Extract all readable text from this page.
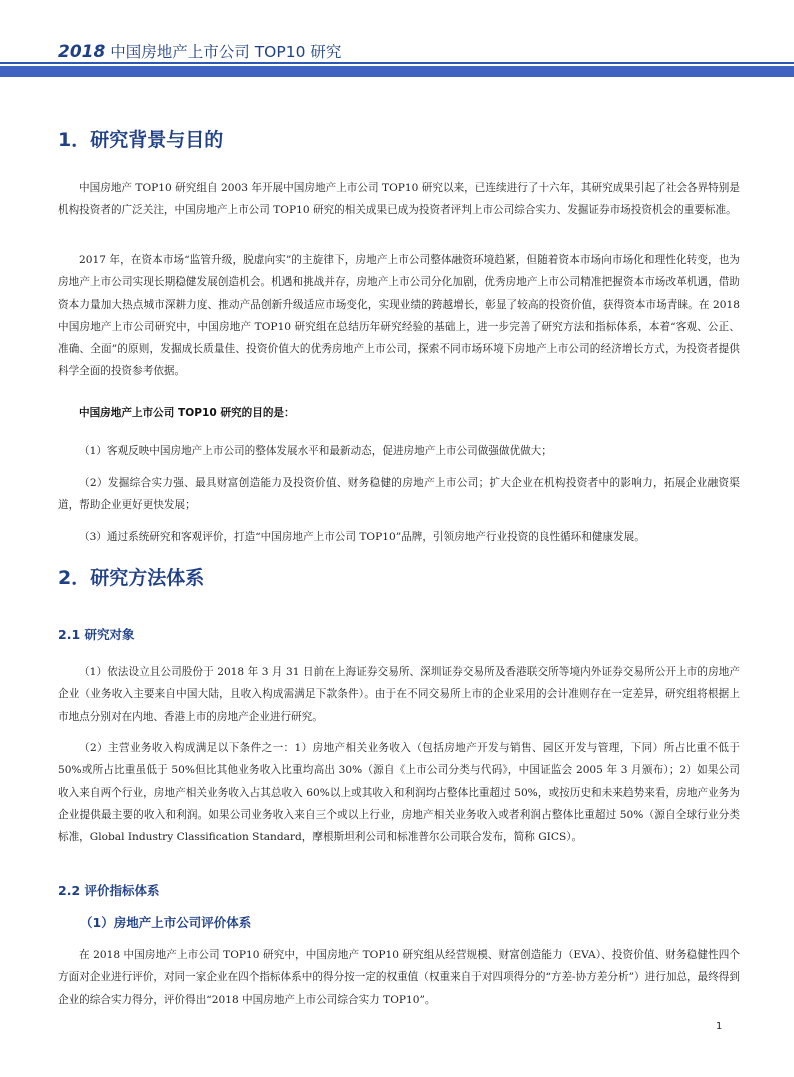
2018 中国房地产上市公司 TOP10 研究
1．研究背景与目的

中国房地产 TOP10 研究组自 2003 年开展中国房地产上市公司 TOP10 研究以来，已连续进行了十六年，其研究成果引起了社会各界特别是机构投资者的广泛关注，中国房地产上市公司 TOP10 研究的相关成果已成为投资者评判上市公司综合实力、发掘证券市场投资机会的重要标准。

2017 年，在资本市场“监管升级，脱虚向实”的主旋律下，房地产上市公司整体融资环境趋紧，但随着资本市场向市场化和理性化转变，也为房地产上市公司实现长期稳健发展创造机会。机遇和挑战并存，房地产上市公司分化加剧，优秀房地产上市公司精准把握资本市场改革机遇，借助资本力量加大热点城市深耕力度、推动产品创新升级适应市场变化，实现业绩的跨越增长，彰显了较高的投资价值，获得资本市场青睐。在 2018 中国房地产上市公司研究中，中国房地产 TOP10 研究组在总结历年研究经验的基础上，进一步完善了研究方法和指标体系，本着“客观、公正、准确、全面”的原则，发掘成长质量佳、投资价值大的优秀房地产上市公司，探索不同市场环境下房地产上市公司的经济增长方式，为投资者提供科学全面的投资参考依据。

中国房地产上市公司 TOP10 研究的目的是：

（1）客观反映中国房地产上市公司的整体发展水平和最新动态，促进房地产上市公司做强做优做大；

（2）发掘综合实力强、最具财富创造能力及投资价值、财务稳健的房地产上市公司；扩大企业在机构投资者中的影响力，拓展企业融资渠道，帮助企业更好更快发展；

（3）通过系统研究和客观评价，打造“中国房地产上市公司 TOP10”品牌，引领房地产行业投资的良性循环和健康发展。

2．研究方法体系
2.1 研究对象

（1）依法设立且公司股份于 2018 年 3 月 31 日前在上海证券交易所、深圳证券交易所及香港联交所等境内外证券交易所公开上市的房地产企业（业务收入主要来自中国大陆，且收入构成需满足下款条件）。由于在不同交易所上市的企业采用的会计准则存在一定差异，研究组将根据上市地点分别对在内地、香港上市的房地产企业进行研究。

（2）主营业务收入构成满足以下条件之一：1）房地产相关业务收入（包括房地产开发与销售、园区开发与管理，下同）所占比重不低于 50%或所占比重虽低于 50%但比其他业务收入比重均高出 30%（源自《上市公司分类与代码》，中国证监会 2005 年 3 月颁布）；2）如果公司收入来自两个行业，房地产相关业务收入占其总收入 60%以上或其收入和利润均占整体比重超过 50%，或按历史和未来趋势来看，房地产业务为企业提供最主要的收入和利润。如果公司业务收入来自三个或以上行业，房地产相关业务收入或者利润占整体比重超过 50%（源自全球行业分类标准，Global Industry Classification Standard，摩根斯坦利公司和标准普尔公司联合发布，简称 GICS）。

2.2 评价指标体系
（1）房地产上市公司评价体系

在 2018 中国房地产上市公司 TOP10 研究中，中国房地产 TOP10 研究组从经营规模、财富创造能力（EVA）、投资价值、财务稳健性四个方面对企业进行评价，对同一家企业在四个指标体系中的得分按一定的权重值（权重来自于对四项得分的“方差-协方差分析”）进行加总，最终得到企业的综合实力得分，评价得出“2018 中国房地产上市公司综合实力 TOP10”。

1
